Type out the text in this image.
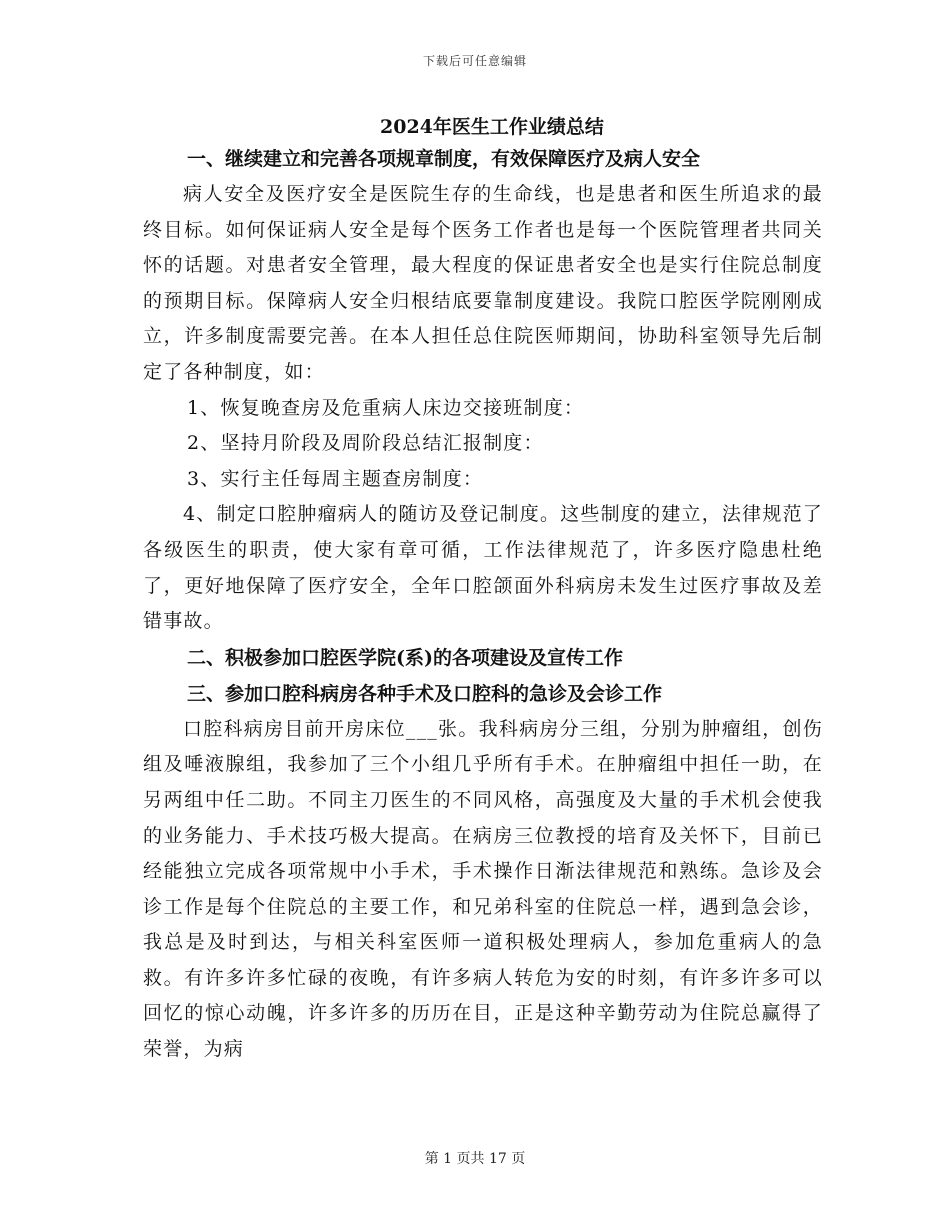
下载后可任意编辑
2024年医生工作业绩总结
一、继续建立和完善各项规章制度，有效保障医疗及病人安全

病人安全及医疗安全是医院生存的生命线，也是患者和医生所追求的最终目标。如何保证病人安全是每个医务工作者也是每一个医院管理者共同关怀的话题。对患者安全管理，最大程度的保证患者安全也是实行住院总制度的预期目标。保障病人安全归根结底要靠制度建设。我院口腔医学院刚刚成立，许多制度需要完善。在本人担任总住院医师期间，协助科室领导先后制定了各种制度，如：

1、恢复晚查房及危重病人床边交接班制度：

2、坚持月阶段及周阶段总结汇报制度：

3、实行主任每周主题查房制度：

4、制定口腔肿瘤病人的随访及登记制度。这些制度的建立，法律规范了各级医生的职责，使大家有章可循，工作法律规范了，许多医疗隐患杜绝了，更好地保障了医疗安全，全年口腔颌面外科病房未发生过医疗事故及差错事故。

二、积极参加口腔医学院(系)的各项建设及宣传工作
三、参加口腔科病房各种手术及口腔科的急诊及会诊工作

口腔科病房目前开房床位___张。我科病房分三组，分别为肿瘤组，创伤组及唾液腺组，我参加了三个小组几乎所有手术。在肿瘤组中担任一助，在另两组中任二助。不同主刀医生的不同风格，高强度及大量的手术机会使我的业务能力、手术技巧极大提高。在病房三位教授的培育及关怀下，目前已经能独立完成各项常规中小手术，手术操作日渐法律规范和熟练。急诊及会诊工作是每个住院总的主要工作，和兄弟科室的住院总一样，遇到急会诊，我总是及时到达，与相关科室医师一道积极处理病人，参加危重病人的急救。有许多许多忙碌的夜晚，有许多病人转危为安的时刻，有许多许多可以回忆的惊心动魄，许多许多的历历在目，正是这种辛勤劳动为住院总赢得了荣誉，为病

第 1 页共 17 页
